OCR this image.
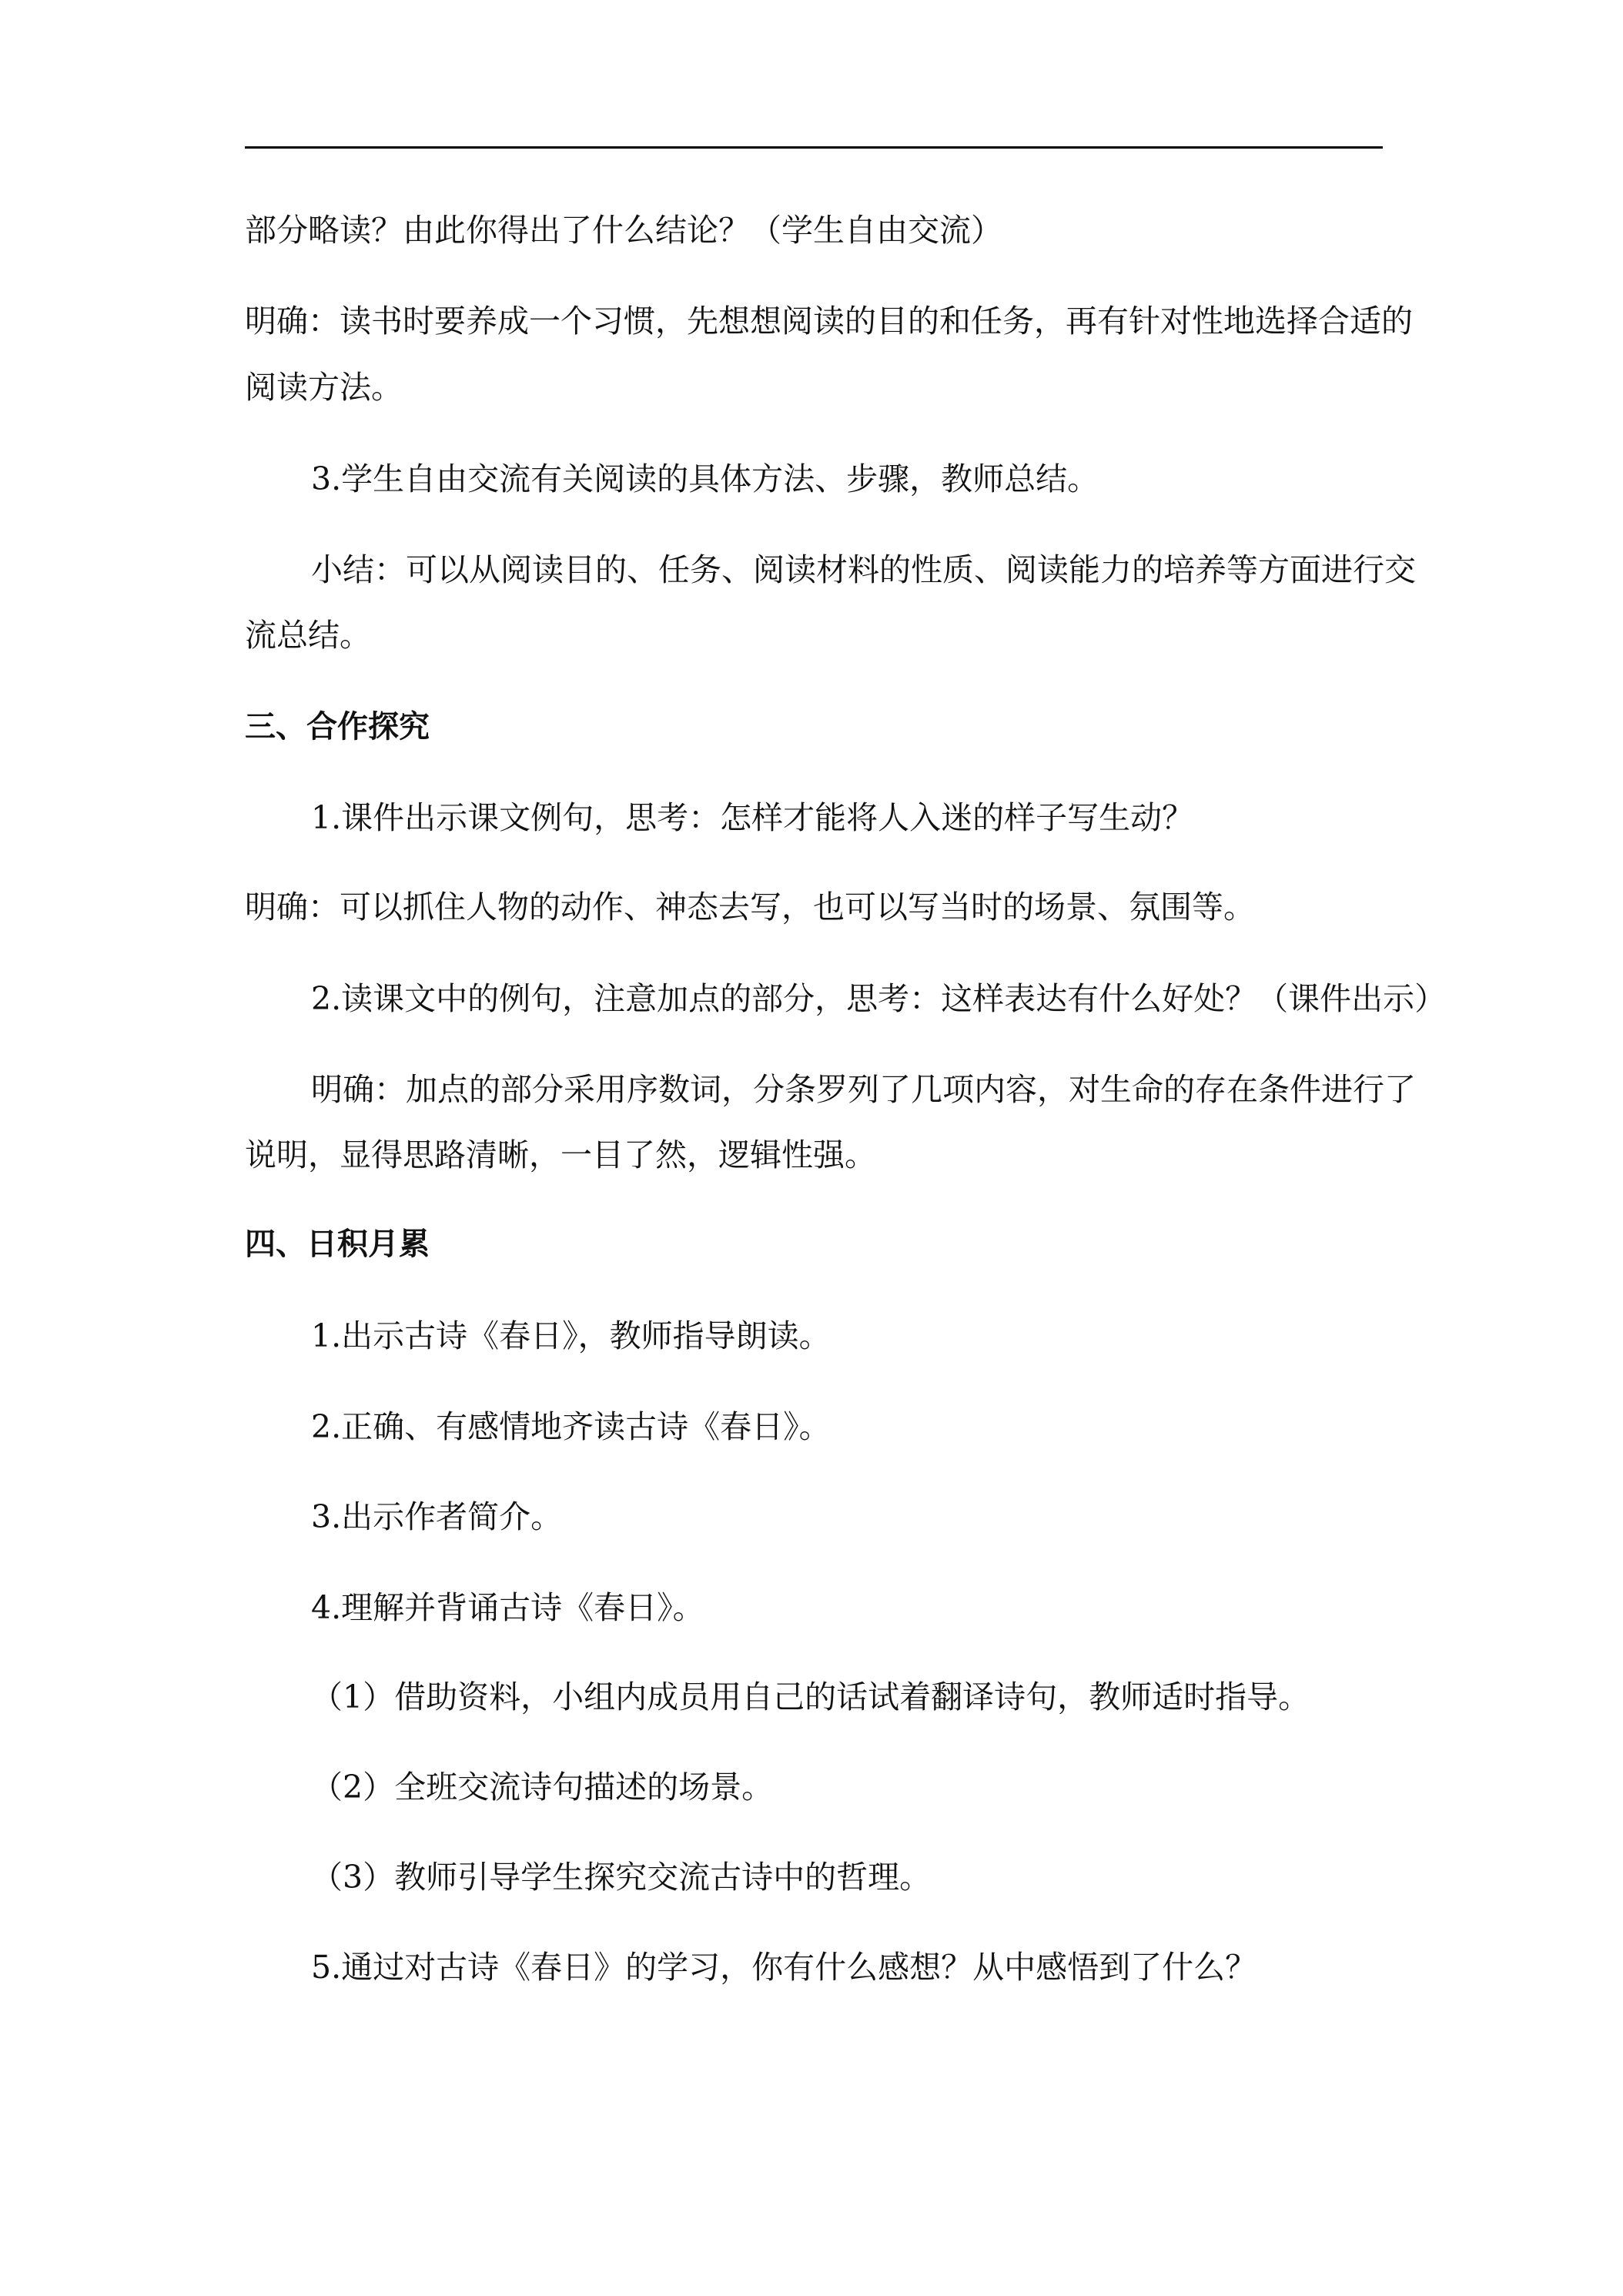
部分略读？由此你得出了什么结论？（学生自由交流）
明确：读书时要养成一个习惯，先想想阅读的目的和任务，再有针对性地选择合适的
阅读方法。
3.学生自由交流有关阅读的具体方法、步骤，教师总结。
小结：可以从阅读目的、任务、阅读材料的性质、阅读能力的培养等方面进行交
流总结。
三、合作探究
1.课件出示课文例句，思考：怎样才能将人入迷的样子写生动？
明确：可以抓住人物的动作、神态去写，也可以写当时的场景、氛围等。
2.读课文中的例句，注意加点的部分，思考：这样表达有什么好处？（课件出示）
明确：加点的部分采用序数词，分条罗列了几项内容，对生命的存在条件进行了
说明，显得思路清晰，一目了然，逻辑性强。
四、日积月累
1.出示古诗《春日》，教师指导朗读。
2.正确、有感情地齐读古诗《春日》。
3.出示作者简介。
4.理解并背诵古诗《春日》。
（1）借助资料，小组内成员用自己的话试着翻译诗句，教师适时指导。
（2）全班交流诗句描述的场景。
（3）教师引导学生探究交流古诗中的哲理。
5.通过对古诗《春日》的学习，你有什么感想？从中感悟到了什么？
